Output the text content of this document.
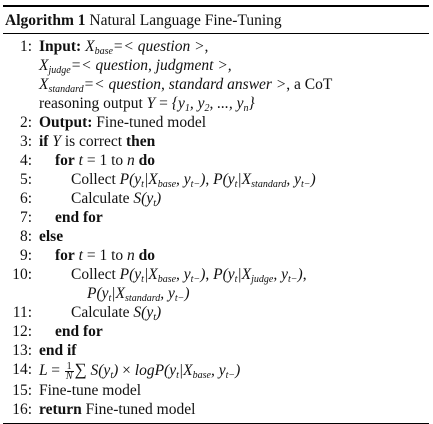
Algorithm 1 Natural Language Fine-Tuning
1: Input: $X_{base}=<$ question >,
$X_{judge}=<$ question, judgment >,
$X_{standard}=<$ question, standard answer >, a CoT
reasoning output $Y = \{y_1$, $y_2$, ..., $y_n$}
2: Output: Fine-tuned model
3: if Y is correct then
4: for t = 1 to n do
5:	Collect $P(y_t|X_{base}$, $y_{t-}$), $P(y_t|X_{standard}$, $y_{t-}$)
6:	Calculate $S(y_t)$
7: end for
8: else
9: for t = 1 to n do
10:	Collect $P(y_t|X_{base}$, $y_{t-}$), $P(y_t|X_{judge}$, $y_{t-}$),
$P(y_t|X_{standard}$, $y_{t-}$)
11:	Calculate $S(y_t)$
12: end for
13: end if
14: $L = \frac{1}{N}$ ∑ $S(y_t) \times \log P(y_t|X_{base}$, $y_{t-}$)
15: Fine-tune model
16: return Fine-tuned model
